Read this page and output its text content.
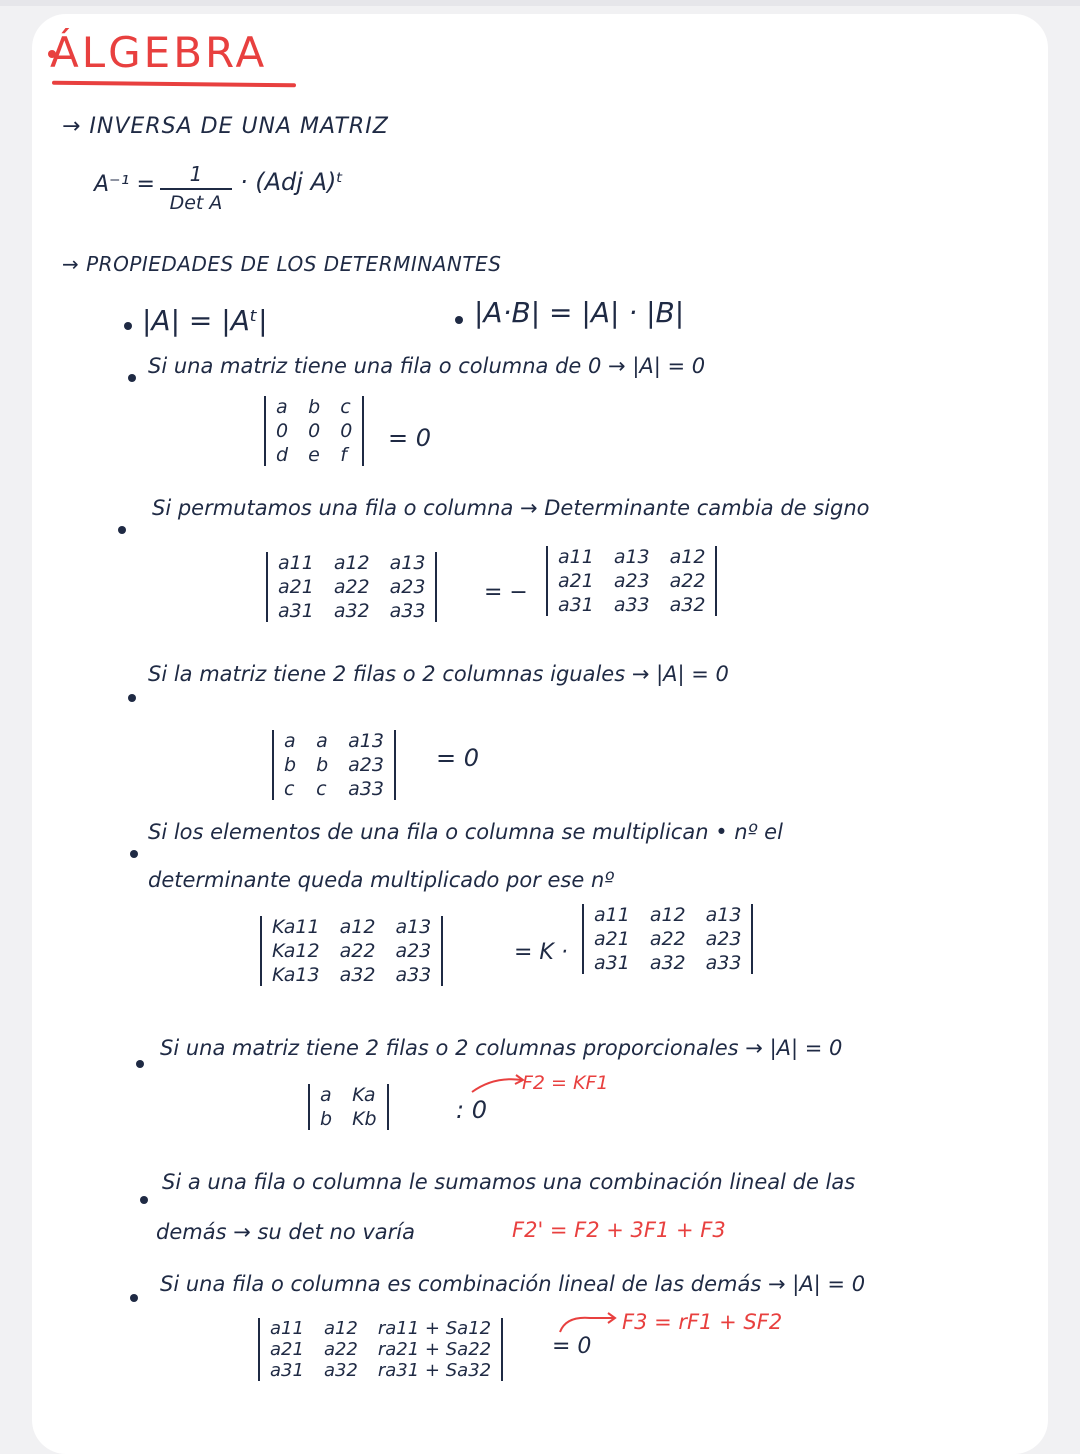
ÁLGEBRA
→ INVERSA DE UNA MATRIZ
A⁻¹ =	1
Det A
· (Adj A)ᵗ
→ PROPIEDADES DE LOS DETERMINANTES
|A| = |Aᵗ|	|A·B| = |A| · |B|
Si una matriz tiene una fila o columna de 0 → |A| = 0
a b c
0 0 0
d e f
= 0
Si permutamos una fila o columna → Determinante cambia de signo
a11 a12 a13
a21 a22 a23
a31 a32 a33
= −
a11 a13 a12
a21 a23 a22
a31 a33 a32
Si la matriz tiene 2 filas o 2 columnas iguales → |A| = 0
a a a13
b b a23
c c a33
= 0
Si los elementos de una fila o columna se multiplican • nº el
determinante queda multiplicado por ese nº
Ka11 a12 a13
Ka12 a22 a23
Ka13 a32 a33
= K ·
a11 a12 a13
a21 a22 a23
a31 a32 a33
Si una matriz tiene 2 filas o 2 columnas proporcionales → |A| = 0
a Ka
b Kb	: 0
F2 = KF1
Si a una fila o columna le sumamos una combinación lineal de las
demás → su det no varía	F2' = F2 + 3F1 + F3
Si una fila o columna es combinación lineal de las demás → |A| = 0
a11 a12 ra11 + Sa12
a21 a22 ra21 + Sa22
a31 a32 ra31 + Sa32
= 0
F3 = rF1 + SF2
